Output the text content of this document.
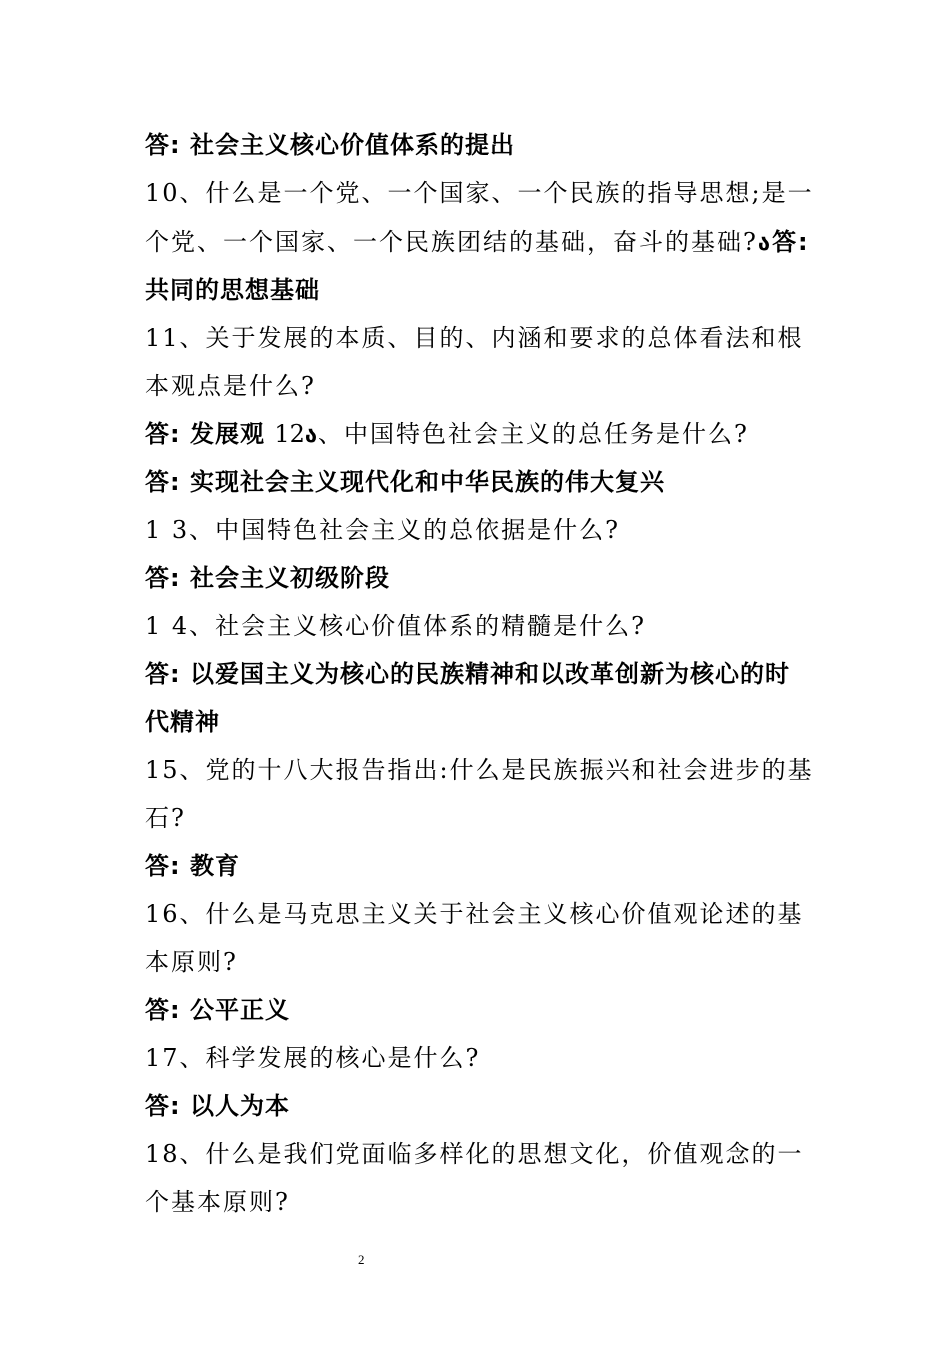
答: 社会主义核心价值体系的提出
10、什么是一个党、一个国家、一个民族的指导思想;是一
个党、一个国家、一个民族团结的基础，奋斗的基础?ა答:
共同的思想基础
11、关于发展的本质、目的、内涵和要求的总体看法和根
本观点是什么?
答: 发展观 12ა、中国特色社会主义的总任务是什么?
答: 实现社会主义现代化和中华民族的伟大复兴
1 3、中国特色社会主义的总依据是什么?
答: 社会主义初级阶段
1 4、社会主义核心价值体系的精髓是什么?
答: 以爱国主义为核心的民族精神和以改革创新为核心的时
代精神
15、党的十八大报告指出:什么是民族振兴和社会进步的基
石?
答: 教育
16、什么是马克思主义关于社会主义核心价值观论述的基
本原则?
答: 公平正义
17、科学发展的核心是什么?
答: 以人为本
18、什么是我们党面临多样化的思想文化，价值观念的一
个基本原则?
2
